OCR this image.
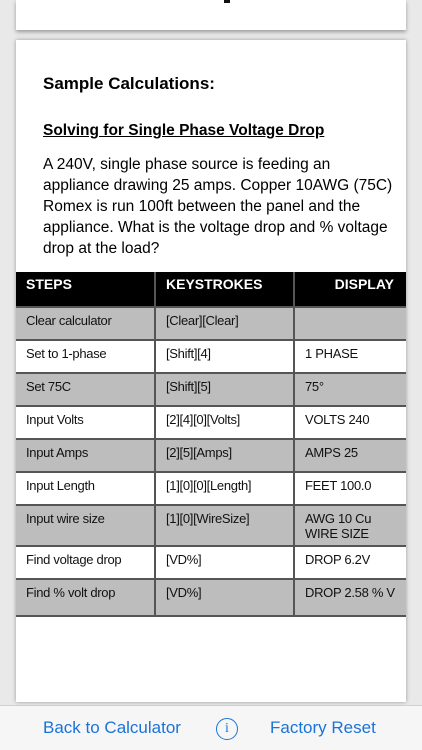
Sample Calculations:
Solving for Single Phase Voltage Drop
A 240V, single phase source is feeding an appliance drawing 25 amps. Copper 10AWG (75C) Romex is run 100ft between the panel and the appliance. What is the voltage drop and % voltage drop at the load?
STEPS	KEYSTROKES	DISPLAY
Clear calculator	[Clear][Clear]	
Set to 1-phase	[Shift][4]	1 PHASE
Set 75C	[Shift][5]	75°
Input Volts	[2][4][0][Volts]	VOLTS 240
Input Amps	[2][5][Amps]	AMPS 25
Input Length	[1][0][0][Length]	FEET 100.0
Input wire size	[1][0][WireSize]	AWG 10 Cu WIRE SIZE
Find voltage drop	[VD%]	DROP 6.2V
Find % volt drop	[VD%]	DROP 2.58 % V
Back to Calculator	i	Factory Reset
